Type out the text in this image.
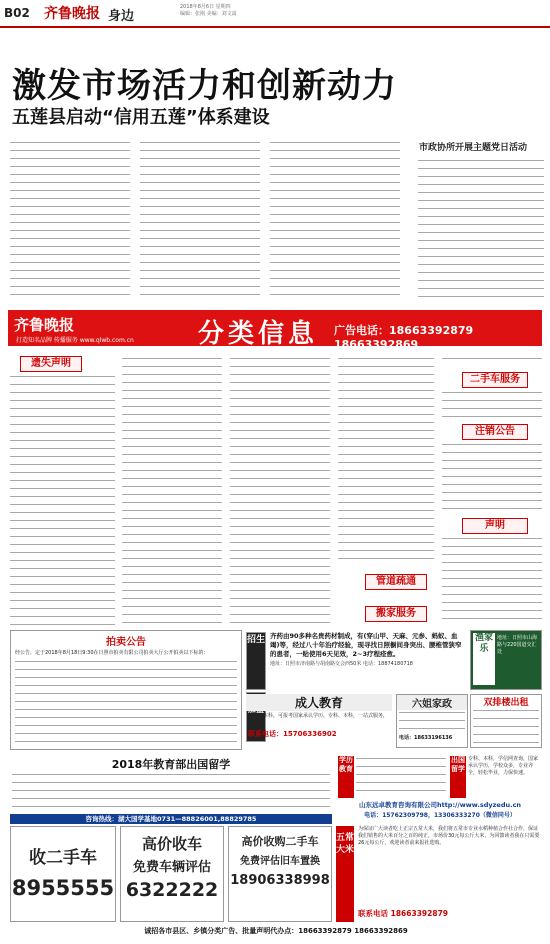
B02 齐鲁晚报 身边
2018年8月6日 星期四
编辑：张刚 美编：刘文嵩
激发市场活力和创新动力
五莲县启动“信用五莲”体系建设
市政协所开展主题党日活动
齐鲁晚报
打造知名品牌 传播服务 www.qlwb.com.cn 分类信息 广告电话：18663392879 18663392869
遗失声明
管道疏通
搬家服务
二手车服务
注销公告
声明
拍卖公告
经公告，定于2018年8月18日9:30在日照市拍卖有限公司拍卖大厅公开拍卖以下标的：
招生 齐药由90多种名贵药材制成，有(穿山甲、天麻、元参、蚂蚁、血竭)等，经过八十年治疗经验，现寻找日照橱间身突出、腰椎管狭窄的患者，一贴使用6天见效，2~3疗程痊愈。
地址：日照市济南路与胡南路交会西50米 电话：18874180718
渔家乐
地址：日照市山海路与220国道交汇处
成人教育
专科、本科，可报考国家承认学历、专科、本科，一站式服务，收费低
联系电话：15706336902
六姐家政
电话：18633196136
双排楼出租
2018年教育部出国留学
咨询热线：湖大国学基地0731—88826001,88829785
学历教育
出国留学
专科、本科，学信网查询，国家承认学历，学校众多，专业齐全，轻松毕业，力保快速。
山东远卓教育咨询有限公司http://www.sdyzedu.cn
电话：15762309798，13306333270（微信同号）
收二手车
8955555
高价收车
免费车辆评估
6322222
高价收购二手车
免费评估旧车置换
18906338998
五常大米
为保证广大读者吃上正宗五常大米，我们将五常市专业水稻种植合作社合作，保证我们销售的大米百分之百的纯正，市场价30元每公斤大米，为回馈读者我在只需要26元每公斤，欢迎读者前来报社选购。
联系电话 18663392879
诚招各市县区、乡镇分类广告、批量声明代办点：18663392879 18663392869
